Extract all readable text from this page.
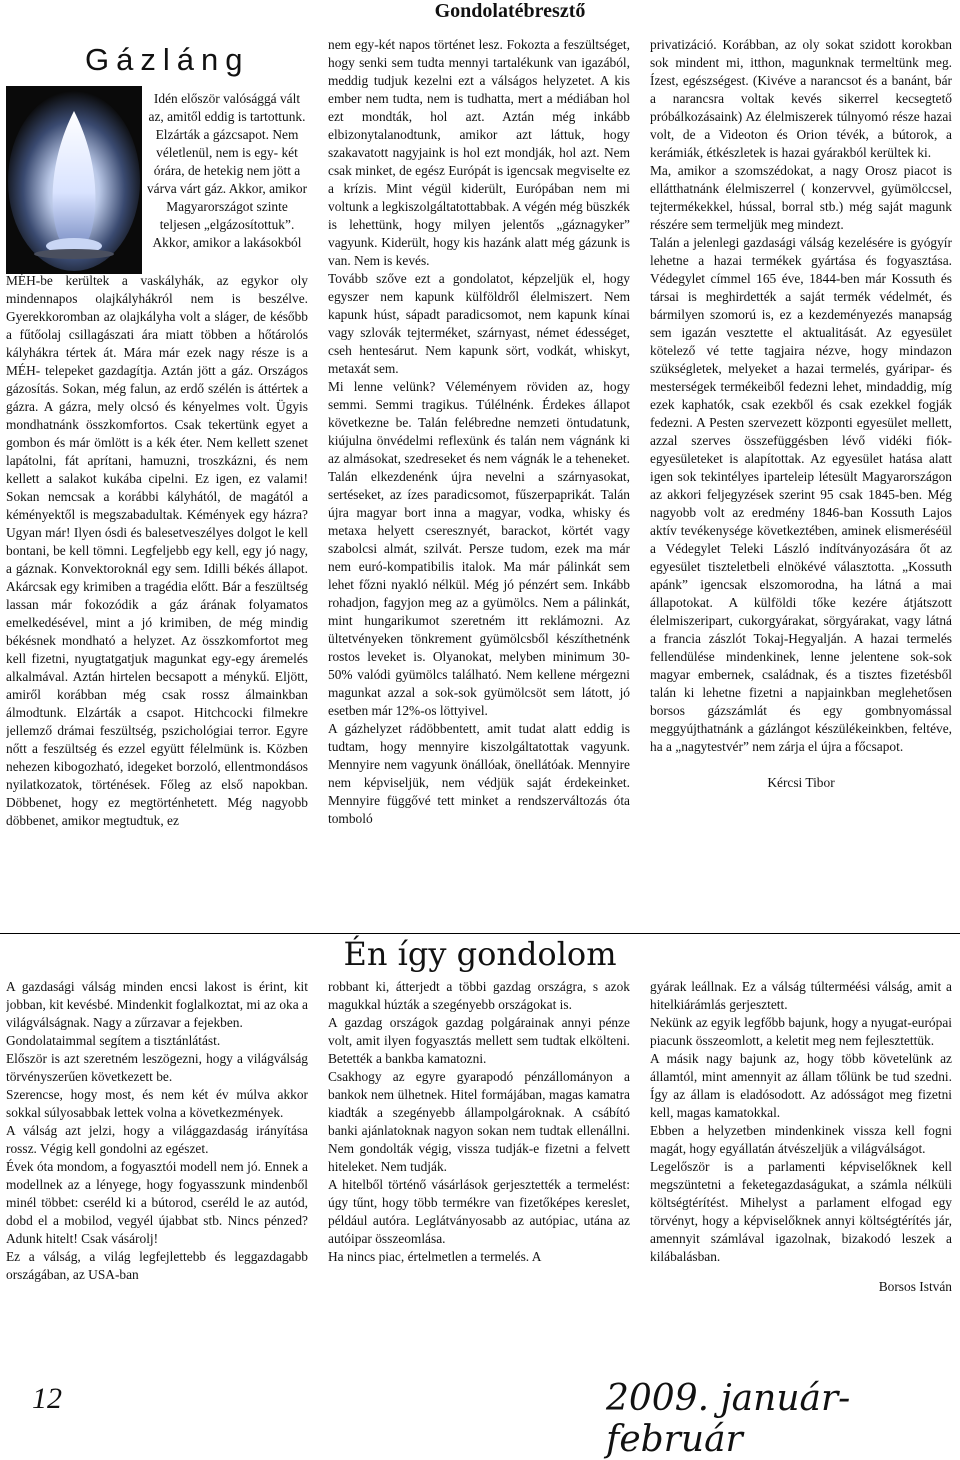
Gondolatébresztő
Gázláng

Idén először valósággá vált az, amitől eddig is tartottunk. Elzárták a gázcsapot. Nem véletlenül, nem is egy- két órára, de hetekig nem jött a várva várt gáz. Akkor, amikor Magyarországot szinte teljesen „elgázosítottuk”. Akkor, amikor a lakásokból

MÉH-be kerültek a vaskályhák, az egykor oly mindennapos olajkályhákról nem is beszélve. Gyerekkoromban az olajkályha volt a sláger, de később a fűtőolaj csillagászati ára miatt többen a hőtárolós kályhákra tértek át. Mára már ezek nagy része is a MÉH- telepeket gazdagítja. Aztán jött a gáz. Országos gázosítás. Sokan, még falun, az erdő szélén is áttértek a gázra. A gázra, mely olcsó és kényelmes volt. Ügyis mondhatnánk összkomfortos. Csak tekertünk egyet a gombon és már ömlött is a kék éter. Nem kellett szenet lapátolni, fát aprítani, hamuzni, troszkázni, és nem kellett a salakot kukába cipelni. Ez igen, ez valami! Sokan nemcsak a korábbi kályhától, de magától a kéményektől is megszabadultak. Kémények egy házra? Ugyan már! Ilyen ósdi és balesetveszélyes dolgot le kell bontani, be kell tömni. Legfeljebb egy kell, egy jó nagy, a gáznak. Konvektoroknál egy sem. Idilli békés állapot. Akárcsak egy krimiben a tragédia előtt. Bár a feszültség lassan már fokozódik a gáz árának folyamatos emelkedésével, mint a jó krimiben, de még mindig békésnek mondható a helyzet. Az összkomfortot meg kell fizetni, nyugtatgatjuk magunkat egy-egy áremelés alkalmával. Aztán hirtelen becsapott a ménykű. Eljött, amiről korábban még csak rossz álmainkban álmodtunk. Elzárták a csapot. Hitchcocki filmekre jellemző drámai feszültség, pszichológiai terror. Egyre nőtt a feszültség és ezzel együtt félelmünk is. Közben nehezen kibogozható, idegeket borzoló, ellentmondásos nyilatkozatok, történések. Főleg az első napokban. Döbbenet, hogy ez megtörténhetett. Még nagyobb döbbenet, amikor megtudtuk, ez

nem egy-két napos történet lesz. Fokozta a feszültséget, hogy senki sem tudta mennyi tartalékunk van igazából, meddig tudjuk kezelni ezt a válságos helyzetet. A kis ember nem tudta, nem is tudhatta, mert a médiában hol ezt mondták, hol azt. Aztán még inkább elbizonytalanodtunk, amikor azt láttuk, hogy szakavatott nagyjaink is hol ezt mondják, hol azt. Nem csak minket, de egész Európát is igencsak megviselte ez a krízis. Mint végül kiderült, Európában nem mi voltunk a legkiszolgáltatottabbak. A végén még büszkék is lehettünk, hogy milyen jelentős „gáznagyker” vagyunk. Kiderült, hogy kis hazánk alatt még gázunk is van. Nem is kevés.

Tovább szőve ezt a gondolatot, képzeljük el, hogy egyszer nem kapunk külföldről élelmiszert. Nem kapunk húst, sápadt paradicsomot, nem kapunk kínai vagy szlovák tejterméket, szárnyast, német édességet, cseh hentesárut. Nem kapunk sört, vodkát, whiskyt, metaxát sem.

Mi lenne velünk? Véleményem röviden az, hogy semmi. Semmi tragikus. Túlélnénk. Érdekes állapot következne be. Talán felébredne nemzeti öntudatunk, kiújulna önvédelmi reflexünk és talán nem vágnánk ki az almásokat, szedreseket és nem vágnák le a teheneket. Talán elkezdenénk újra nevelni a szárnyasokat, sertéseket, az ízes paradicsomot, fűszerpaprikát. Talán újra magyar bort inna a magyar, vodka, whisky és metaxa helyett cseresznyét, barackot, körtét vagy szabolcsi almát, szilvát. Persze tudom, ezek ma már nem euró-kompatibilis italok. Ma már pálinkát sem lehet főzni nyakló nélkül. Még jó pénzért sem. Inkább rohadjon, fagyjon meg az a gyümölcs. Nem a pálinkát, mint hungarikumot szeretném itt reklámozni. Az ültetvényeken tönkrement gyümölcsből készíthetnénk rostos leveket is. Olyanokat, melyben minimum 30-50% valódi gyümölcs található. Nem kellene mérgezni magunkat azzal a sok-sok gyümölcsöt sem látott, jó esetben már 12%-os löttyivel.

A gázhelyzet rádöbbentett, amit tudat alatt eddig is tudtam, hogy mennyire kiszolgáltatottak vagyunk. Mennyire nem vagyunk önállóak, önellátóak. Mennyire nem képviseljük, nem védjük saját érdekeinket. Mennyire függővé tett minket a rendszerváltozás óta tomboló

privatizáció. Korábban, az oly sokat szidott korokban sok mindent mi, itthon, magunknak termeltünk meg. Ízest, egészségest. (Kivéve a narancsot és a banánt, bár a narancsra voltak kevés sikerrel kecsegtető próbálkozásaink) Az élelmiszerek túlnyomó része hazai volt, de a Videoton és Orion tévék, a bútorok, a kerámiák, étkészletek is hazai gyárakból kerültek ki.

Ma, amikor a szomszédokat, a nagy Orosz piacot is ellátthatnánk élelmiszerrel ( konzervvel, gyümölccsel, tejtermékekkel, hússal, borral stb.) még saját magunk részére sem termeljük meg mindezt.

Talán a jelenlegi gazdasági válság kezelésére is gyógyír lehetne a hazai termékek gyártása és fogyasztása. Védegylet címmel 165 éve, 1844-ben már Kossuth és társai is meghirdették a saját termék védelmét, és bármilyen szomorú is, ez a kezdeményezés manapság sem igazán vesztette el aktualitását. Az egyesület kötelező vé tette tagjaira nézve, hogy mindazon szükségletek, melyeket a hazai termelés, gyáripar- és mesterségek termékeiből fedezni lehet, mindaddig, míg ezek kaphatók, csak ezekből és csak ezekkel fogják fedezni. A Pesten szervezett központi egyesület mellett, azzal szerves összefüggésben lévő vidéki fiók-egyesületeket is alapítottak. Az egyesület hatása alatt igen sok tekintélyes iparteleip létesült Magyarországon az akkori feljegyzések szerint 95 csak 1845-ben. Még nagyobb volt az eredmény 1846-ban Kossuth Lajos aktív tevékenysége következtében, aminek elismeréséül a Védegylet Teleki László indítványozására őt az egyesület tiszteletbeli elnökévé választotta. „Kossuth apánk” igencsak elszomorodna, ha látná a mai állapotokat. A külföldi tőke kezére átjátszott élelmiszeripart, cukorgyárakat, sörgyárakat, vagy látná a francia zászlót Tokaj-Hegyalján. A hazai termelés fellendülése mindenkinek, lenne jelentene sok-sok magyar embernek, családnak, és a tisztes fizetésből talán ki lehetne fizetni a napjainkban meglehetősen borsos gázszámlát és egy gombnyomással meggyújthatnánk a gázlángot készülékeinkben, feltéve, ha a „nagytestvér” nem zárja el újra a főcsapot.

Kércsi Tibor

Én így gondolom

A gazdasági válság minden encsi lakost is érint, kit jobban, kit kevésbé. Mindenkit foglalkoztat, mi az oka a világválságnak. Nagy a zűrzavar a fejekben.

Gondolataimmal segítem a tisztánlátást.

Először is azt szeretném leszögezni, hogy a világválság törvényszerűen következett be.

Szerencse, hogy most, és nem két év múlva akkor sokkal súlyosabbak lettek volna a következmények.

A válság azt jelzi, hogy a világgazdaság irányítása rossz. Végig kell gondolni az egészet.

Évek óta mondom, a fogyasztói modell nem jó. Ennek a modellnek az a lényege, hogy fogyasszunk mindenből minél többet: cseréld ki a bútorod, cseréld le az autód, dobd el a mobilod, vegyél újabbat stb. Nincs pénzed? Adunk hitelt! Csak vásárolj!

Ez a válság, a világ legfejlettebb és leggazdagabb országában, az USA-ban

robbant ki, átterjedt a többi gazdag országra, s azok magukkal húzták a szegényebb országokat is.

A gazdag országok gazdag polgárainak annyi pénze volt, amit ilyen fogyasztás mellett sem tudtak elkölteni. Betették a bankba kamatozni.

Csakhogy az egyre gyarapodó pénzállományon a bankok nem ülhetnek. Hitel formájában, magas kamatra kiadták a szegényebb állampolgároknak. A csábító banki ajánlatoknak nagyon sokan nem tudtak ellenállni. Nem gondolták végig, vissza tudják-e fizetni a felvett hiteleket. Nem tudják.

A hitelből történő vásárlások gerjesztették a termelést: úgy tűnt, hogy több termékre van fizetőképes kereslet, például autóra. Leglátványosabb az autópiac, utána az autóipar összeomlása.

Ha nincs piac, értelmetlen a termelés. A

gyárak leállnak. Ez a válság túlterméési válság, amit a hitelkiárámlás gerjesztett.

Nekünk az egyik legfőbb bajunk, hogy a nyugat-európai piacunk összeomlott, a keletit meg nem fejlesztettük.

A másik nagy bajunk az, hogy több követelünk az államtól, mint amennyit az állam tőlünk be tud szedni. Így az állam is eladósodott. Az adósságot meg fizetni kell, magas kamatokkal.

Ebben a helyzetben mindenkinek vissza kell fogni magát, hogy egyállatán átvészeljük a világválságot.

Legelőször is a parlamenti képviselőknek kell megszüntetni a feketegazdaságukat, a számla nélküli költségtérítést. Mihelyst a parlament elfogad egy törvényt, hogy a képviselőknek annyi költségtérítés jár, amennyit számlával igazolnak, bizakodó leszek a kilábalásban.

Borsos István

12	2009. január-február
